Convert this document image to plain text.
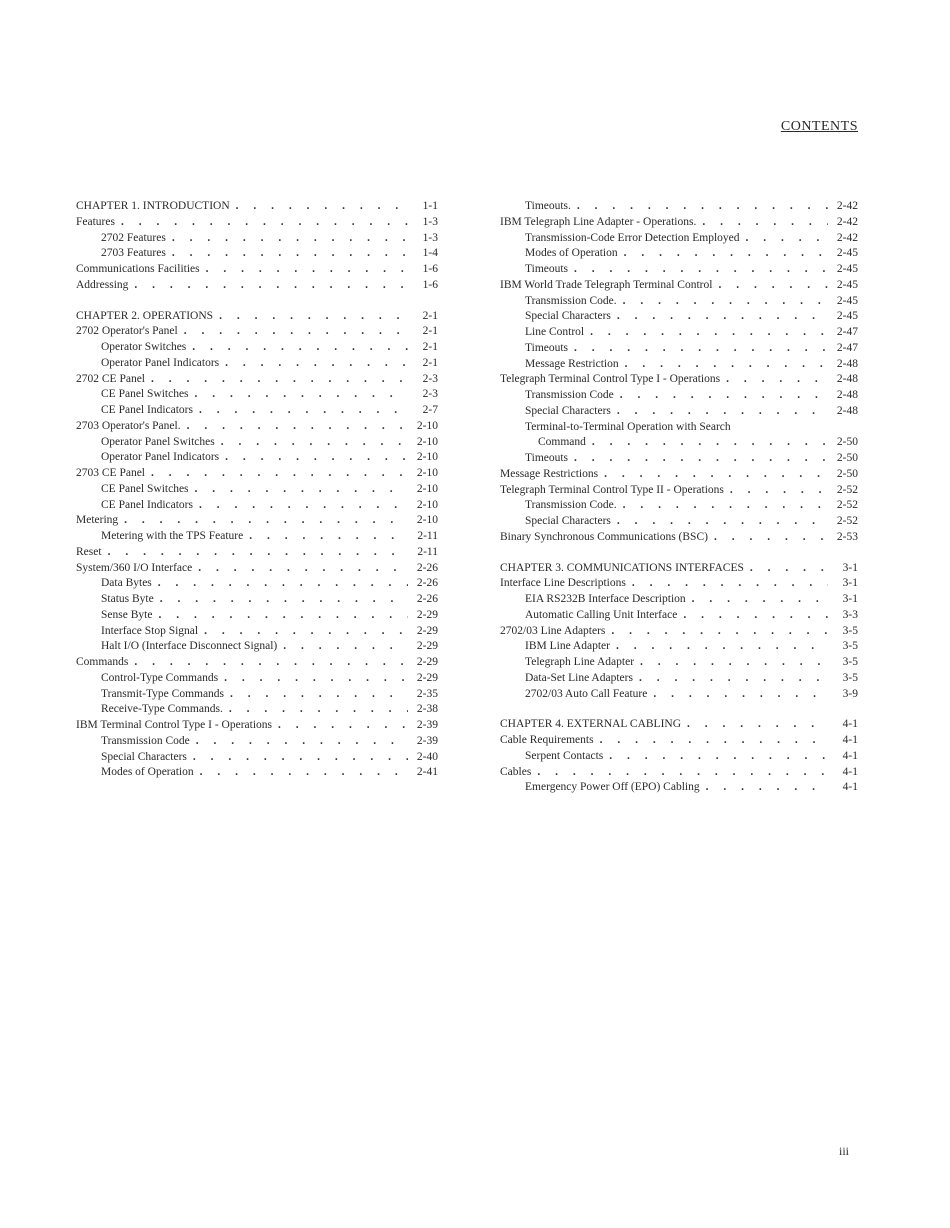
CONTENTS
CHAPTER 1. INTRODUCTION . . .	1-1
Features . . .	1-3
2702 Features . . .	1-3
2703 Features . . .	1-4
Communications Facilities . . .	1-6
Addressing . . .	1-6
CHAPTER 2. OPERATIONS . . .	2-1
2702 Operator's Panel . . .	2-1
Operator Switches . . .	2-1
Operator Panel Indicators . . .	2-1
2702 CE Panel . . .	2-3
CE Panel Switches . . .	2-3
CE Panel Indicators . . .	2-7
2703 Operator's Panel. . . .	2-10
Operator Panel Switches . . .	2-10
Operator Panel Indicators . . .	2-10
2703 CE Panel . . .	2-10
CE Panel Switches . . .	2-10
CE Panel Indicators . . .	2-10
Metering . . .	2-10
Metering with the TPS Feature . . .	2-11
Reset . . .	2-11
System/360 I/O Interface . . .	2-26
Data Bytes . . .	2-26
Status Byte . . .	2-26
Sense Byte . . .	2-29
Interface Stop Signal . . .	2-29
Halt I/O (Interface Disconnect Signal) . . .	2-29
Commands . . .	2-29
Control-Type Commands . . .	2-29
Transmit-Type Commands . . .	2-35
Receive-Type Commands. . . .	2-38
IBM Terminal Control Type I - Operations . . .	2-39
Transmission Code . . .	2-39
Special Characters . . .	2-40
Modes of Operation . . .	2-41
Timeouts. . . .	2-42
IBM Telegraph Line Adapter - Operations. . . .	2-42
Transmission-Code Error Detection Employed . . .	2-42
Modes of Operation . . .	2-45
Timeouts . . .	2-45
IBM World Trade Telegraph Terminal Control . . .	2-45
Transmission Code. . . .	2-45
Special Characters . . .	2-45
Line Control . . .	2-47
Timeouts . . .	2-47
Message Restriction . . .	2-48
Telegraph Terminal Control Type I - Operations . . .	2-48
Transmission Code . . .	2-48
Special Characters . . .	2-48
Terminal-to-Terminal Operation with Search
Command . . .	2-50
Timeouts . . .	2-50
Message Restrictions . . .	2-50
Telegraph Terminal Control Type II - Operations . . .	2-52
Transmission Code. . . .	2-52
Special Characters . . .	2-52
Binary Synchronous Communications (BSC) . . .	2-53
CHAPTER 3. COMMUNICATIONS INTERFACES . . .	3-1
Interface Line Descriptions . . .	3-1
EIA RS232B Interface Description . . .	3-1
Automatic Calling Unit Interface . . .	3-3
2702/03 Line Adapters . . .	3-5
IBM Line Adapter . . .	3-5
Telegraph Line Adapter . . .	3-5
Data-Set Line Adapters . . .	3-5
2702/03 Auto Call Feature . . .	3-9
CHAPTER 4. EXTERNAL CABLING . . .	4-1
Cable Requirements . . .	4-1
Serpent Contacts . . .	4-1
Cables . . .	4-1
Emergency Power Off (EPO) Cabling . . .	4-1
iii
